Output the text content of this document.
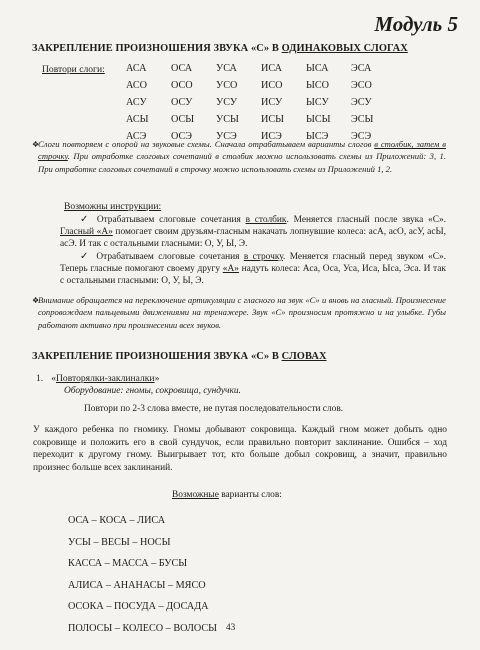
Модуль 5
ЗАКРЕПЛЕНИЕ ПРОИЗНОШЕНИЯ ЗВУКА «С» В ОДИНАКОВЫХ СЛОГАХ
Повтори слоги: АСА	ОСА	УСА	ИСА	ЫСА	ЭСА
АСО	ОСО	УСО	ИСО	ЫСО	ЭСО
АСУ	ОСУ	УСУ	ИСУ	ЫСУ	ЭСУ
АСЫ	ОСЫ	УСЫ	ИСЫ	ЫСЫ	ЭСЫ
АСЭ	ОСЭ	УСЭ	ИСЭ	ЫСЭ	ЭСЭ
❖
Слоги повторяем с опорой на звуковые схемы. Сначала отрабатываем варианты слогов в столбик, затем в строчку. При отработке слоговых сочетаний в столбик можно использовать схемы из Приложений: 3, 1. При отработке слоговых сочетаний в строчку можно использовать схемы из Приложений 1, 2.
Возможны инструкции:
✓ Отрабатываем слоговые сочетания в столбик. Меняется гласный после звука «С». Гласный «А» помогает своим друзьям-гласным накачать лопнувшие колеса: асА, асО, асУ, асЫ, асЭ. И так с остальными гласными: О, У, Ы, Э.
✓ Отрабатываем слоговые сочетания в строчку. Меняется гласный перед звуком «С». Теперь гласные помогают своему другу «А» надуть колеса: Аса, Оса, Уса, Иса, Ыса, Эса. И так с остальными гласными: О, У, Ы, Э.
❖
Внимание обращается на переключение артикуляции с гласного на звук «С» и вновь на гласный. Произнесение сопровождаем пальцевыми движениями на тренажере. Звук «С» произносим протяжно и на улыбке. Губы работают активно при произнесении всех звуков.
ЗАКРЕПЛЕНИЕ ПРОИЗНОШЕНИЯ ЗВУКА «С» В СЛОВАХ
1. «Повторялки-заклиналки»
Оборудование: гномы, сокровища, сундучки.
Повтори по 2-3 слова вместе, не путая последовательности слов.
У каждого ребенка по гномику. Гномы добывают сокровища. Каждый гном может добыть одно сокровище и положить его в свой сундучок, если правильно повторит заклинание. Ошибся – ход переходит к другому гному. Выигрывает тот, кто больше добыл сокровищ, а значит, правильно произнес больше всех заклинаний.
Возможные варианты слов:
ОСА – КОСА – ЛИСА
УСЫ – ВЕСЫ – НОСЫ
КАССА – МАССА – БУСЫ
АЛИСА – АНАНАСЫ – МЯСО
ОСОКА – ПОСУДА – ДОСАДА
ПОЛОСЫ – КОЛЕСО – ВОЛОСЫ 43
